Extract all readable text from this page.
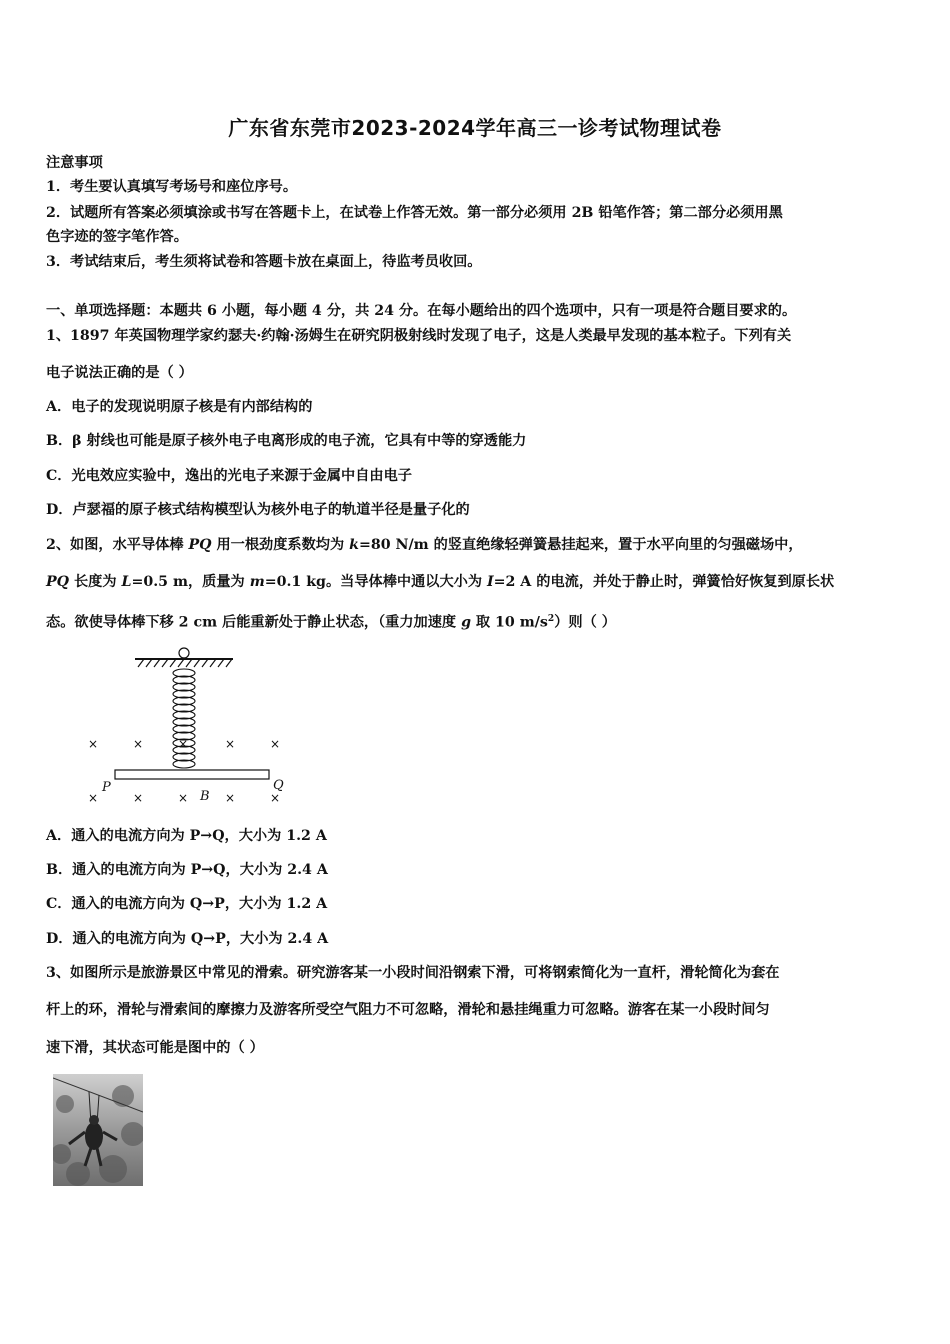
广东省东莞市2023-2024学年高三一诊考试物理试卷
注意事项
1．考生要认真填写考场号和座位序号。
2．试题所有答案必须填涂或书写在答题卡上，在试卷上作答无效。第一部分必须用 2B 铅笔作答；第二部分必须用黑
色字迹的签字笔作答。
3．考试结束后，考生须将试卷和答题卡放在桌面上，待监考员收回。
一、单项选择题：本题共 6 小题，每小题 4 分，共 24 分。在每小题给出的四个选项中，只有一项是符合题目要求的。
1、1897 年英国物理学家约瑟夫·约翰·汤姆生在研究阴极射线时发现了电子，这是人类最早发现的基本粒子。下列有关
电子说法正确的是（ ）
A．电子的发现说明原子核是有内部结构的
B．β 射线也可能是原子核外电子电离形成的电子流，它具有中等的穿透能力
C．光电效应实验中，逸出的光电子来源于金属中自由电子
D．卢瑟福的原子核式结构模型认为核外电子的轨道半径是量子化的
2、如图，水平导体棒 PQ 用一根劲度系数均为 k=80 N/m 的竖直绝缘轻弹簧悬挂起来，置于水平向里的匀强磁场中，
PQ 长度为 L=0.5 m，质量为 m=0.1 kg。当导体棒中通以大小为 I=2 A 的电流，并处于静止时，弹簧恰好恢复到原长状
态。欲使导体棒下移 2 cm 后能重新处于静止状态，（重力加速度 g 取 10 $m/s^2$）则（ ）
×	×	×	×	×
×	×	×	×	×
P	Q
B
A．通入的电流方向为 P→Q，大小为 1.2 A
B．通入的电流方向为 P→Q，大小为 2.4 A
C．通入的电流方向为 Q→P，大小为 1.2 A
D．通入的电流方向为 Q→P，大小为 2.4 A
3、如图所示是旅游景区中常见的滑索。研究游客某一小段时间沿钢索下滑，可将钢索简化为一直杆，滑轮简化为套在
杆上的环，滑轮与滑索间的摩擦力及游客所受空气阻力不可忽略，滑轮和悬挂绳重力可忽略。游客在某一小段时间匀
速下滑，其状态可能是图中的（ ）
